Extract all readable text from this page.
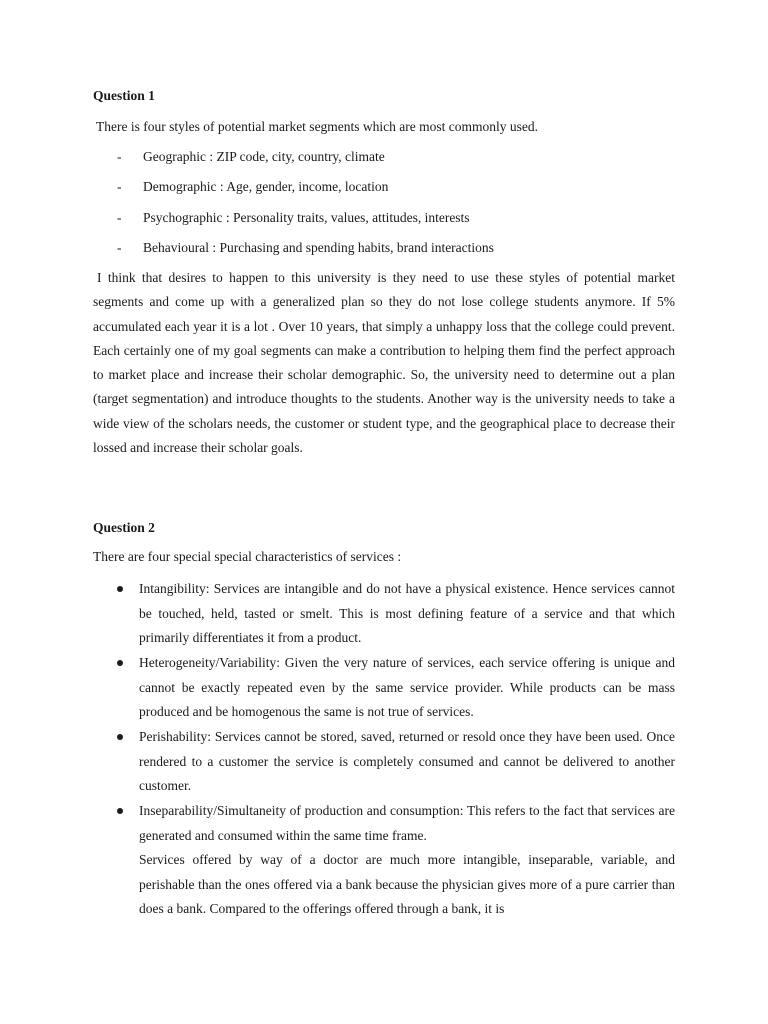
Question 1

There is four styles of potential market segments which are most commonly used.

- Geographic : ZIP code, city, country, climate
- Demographic : Age, gender, income, location
- Psychographic : Personality traits, values, attitudes, interests
- Behavioural : Purchasing and spending habits, brand interactions

I think that desires to happen to this university is they need to use these styles of potential market segments and come up with a generalized plan so they do not lose college students anymore. If 5% accumulated each year it is a lot . Over 10 years, that simply a unhappy loss that the college could prevent. Each certainly one of my goal segments can make a contribution to helping them find the perfect approach to market place and increase their scholar demographic. So, the university need to determine out a plan (target segmentation) and introduce thoughts to the students. Another way is the university needs to take a wide view of the scholars needs, the customer or student type, and the geographical place to decrease their lossed and increase their scholar goals.

Question 2

There are four special special characteristics of services :

Intangibility: Services are intangible and do not have a physical existence. Hence services cannot be touched, held, tasted or smelt. This is most defining feature of a service and that which primarily differentiates it from a product.
Heterogeneity/Variability: Given the very nature of services, each service offering is unique and cannot be exactly repeated even by the same service provider. While products can be mass produced and be homogenous the same is not true of services.
Perishability: Services cannot be stored, saved, returned or resold once they have been used. Once rendered to a customer the service is completely consumed and cannot be delivered to another customer.
Inseparability/Simultaneity of production and consumption: This refers to the fact that services are generated and consumed within the same time frame.
Services offered by way of a doctor are much more intangible, inseparable, variable, and perishable than the ones offered via a bank because the physician gives more of a pure carrier than does a bank. Compared to the offerings offered through a bank, it is
